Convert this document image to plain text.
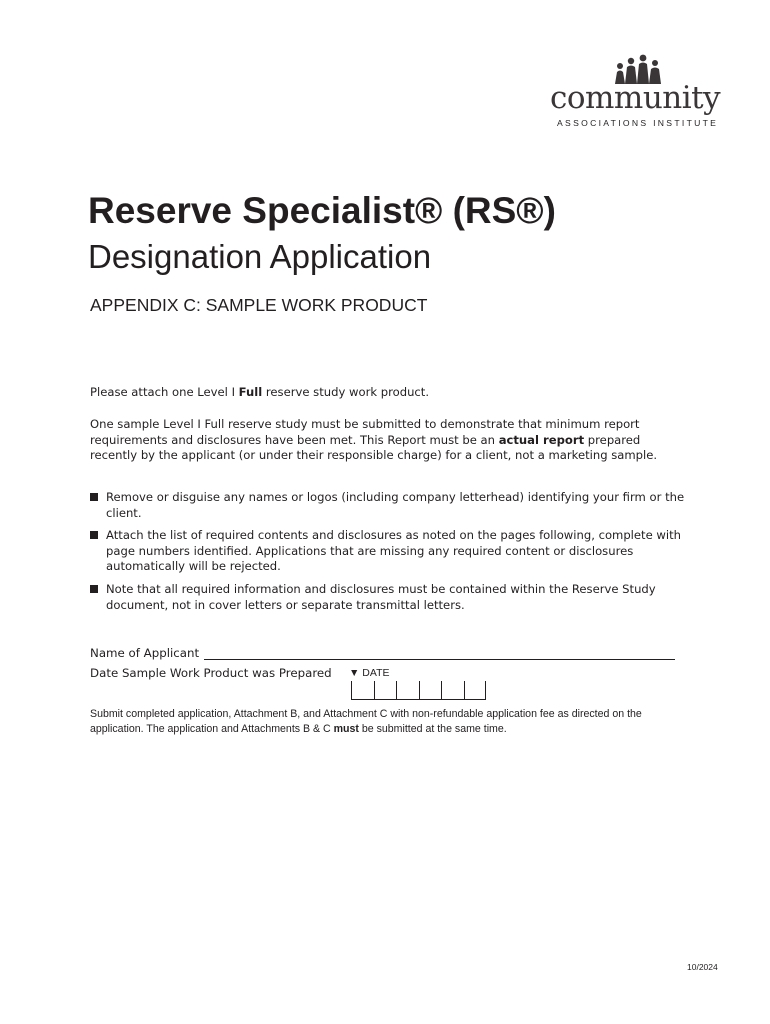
community
ASSOCIATIONS INSTITUTE
Reserve Specialist® (RS®)
Designation Application
APPENDIX C: SAMPLE WORK PRODUCT
Please attach one Level I Full reserve study work product.
One sample Level I Full reserve study must be submitted to demonstrate that minimum report requirements and disclosures have been met. This Report must be an actual report prepared recently by the applicant (or under their responsible charge) for a client, not a marketing sample.
Remove or disguise any names or logos (including company letterhead) identifying your firm or the client.
Attach the list of required contents and disclosures as noted on the pages following, complete with page numbers identified. Applications that are missing any required content or disclosures automatically will be rejected.
Note that all required information and disclosures must be contained within the Reserve Study document, not in cover letters or separate transmittal letters.
Name of Applicant
Date Sample Work Product was Prepared ▼ DATE
Submit completed application, Attachment B, and Attachment C with non-refundable application fee as directed on the application. The application and Attachments B & C must be submitted at the same time.
10/2024
